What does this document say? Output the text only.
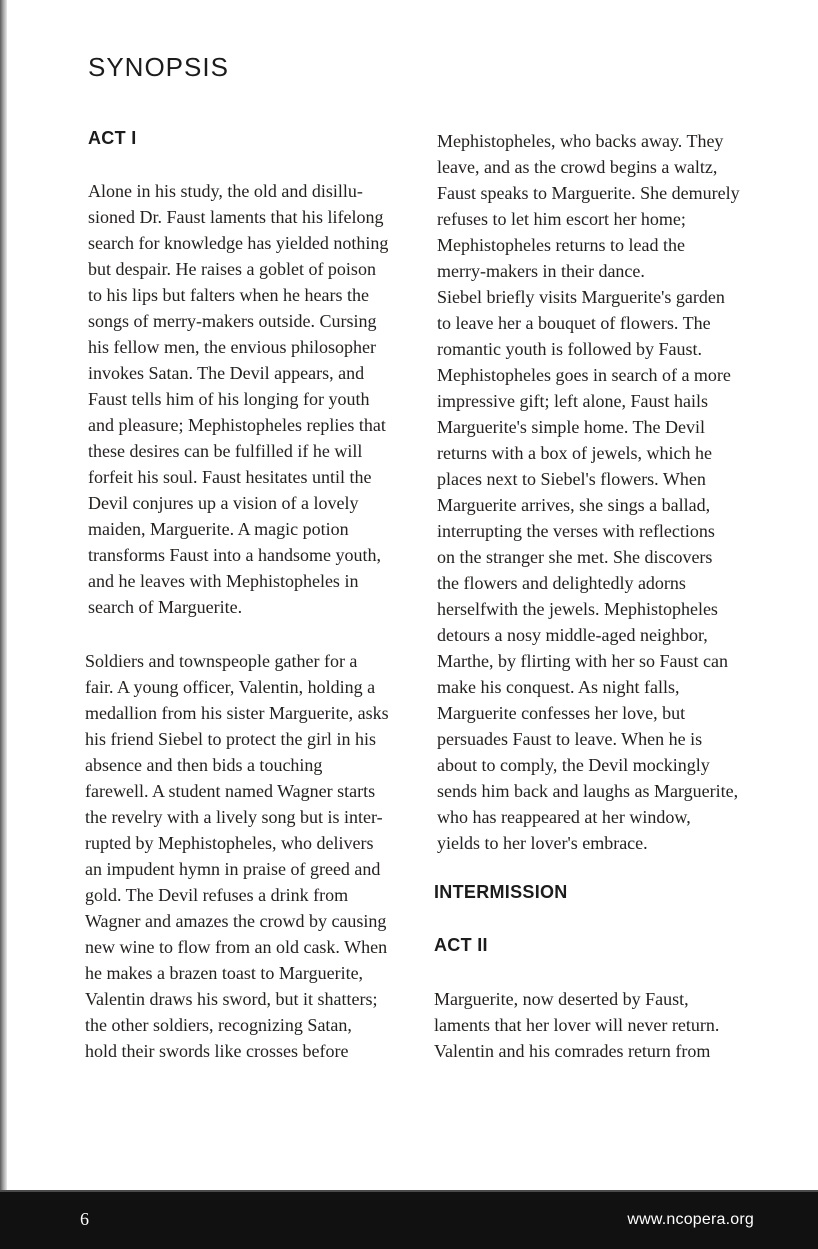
SYNOPSIS
ACT I

Alone in his study, the old and disillu-
sioned Dr. Faust laments that his lifelong
search for knowledge has yielded nothing
but despair. He raises a goblet of poison
to his lips but falters when he hears the
songs of merry-makers outside. Cursing
his fellow men, the envious philosopher
invokes Satan. The Devil appears, and
Faust tells him of his longing for youth
and pleasure; Mephistopheles replies that
these desires can be fulfilled if he will
forfeit his soul. Faust hesitates until the
Devil conjures up a vision of a lovely
maiden, Marguerite. A magic potion
transforms Faust into a handsome youth,
and he leaves with Mephistopheles in
search of Marguerite.

Soldiers and townspeople gather for a
fair. A young officer, Valentin, holding a
medallion from his sister Marguerite, asks
his friend Siebel to protect the girl in his
absence and then bids a touching
farewell. A student named Wagner starts
the revelry with a lively song but is inter-
rupted by Mephistopheles, who delivers
an impudent hymn in praise of greed and
gold. The Devil refuses a drink from
Wagner and amazes the crowd by causing
new wine to flow from an old cask. When
he makes a brazen toast to Marguerite,
Valentin draws his sword, but it shatters;
the other soldiers, recognizing Satan,
hold their swords like crosses before

Mephistopheles, who backs away. They
leave, and as the crowd begins a waltz,
Faust speaks to Marguerite. She demurely
refuses to let him escort her home;
Mephistopheles returns to lead the
merry-makers in their dance.
Siebel briefly visits Marguerite's garden
to leave her a bouquet of flowers. The
romantic youth is followed by Faust.
Mephistopheles goes in search of a more
impressive gift; left alone, Faust hails
Marguerite's simple home. The Devil
returns with a box of jewels, which he
places next to Siebel's flowers. When
Marguerite arrives, she sings a ballad,
interrupting the verses with reflections
on the stranger she met. She discovers
the flowers and delightedly adorns
herselfwith the jewels. Mephistopheles
detours a nosy middle-aged neighbor,
Marthe, by flirting with her so Faust can
make his conquest. As night falls,
Marguerite confesses her love, but
persuades Faust to leave. When he is
about to comply, the Devil mockingly
sends him back and laughs as Marguerite,
who has reappeared at her window,
yields to her lover's embrace.

INTERMISSION
ACT II

Marguerite, now deserted by Faust,
laments that her lover will never return.
Valentin and his comrades return from

6	www.ncopera.org
